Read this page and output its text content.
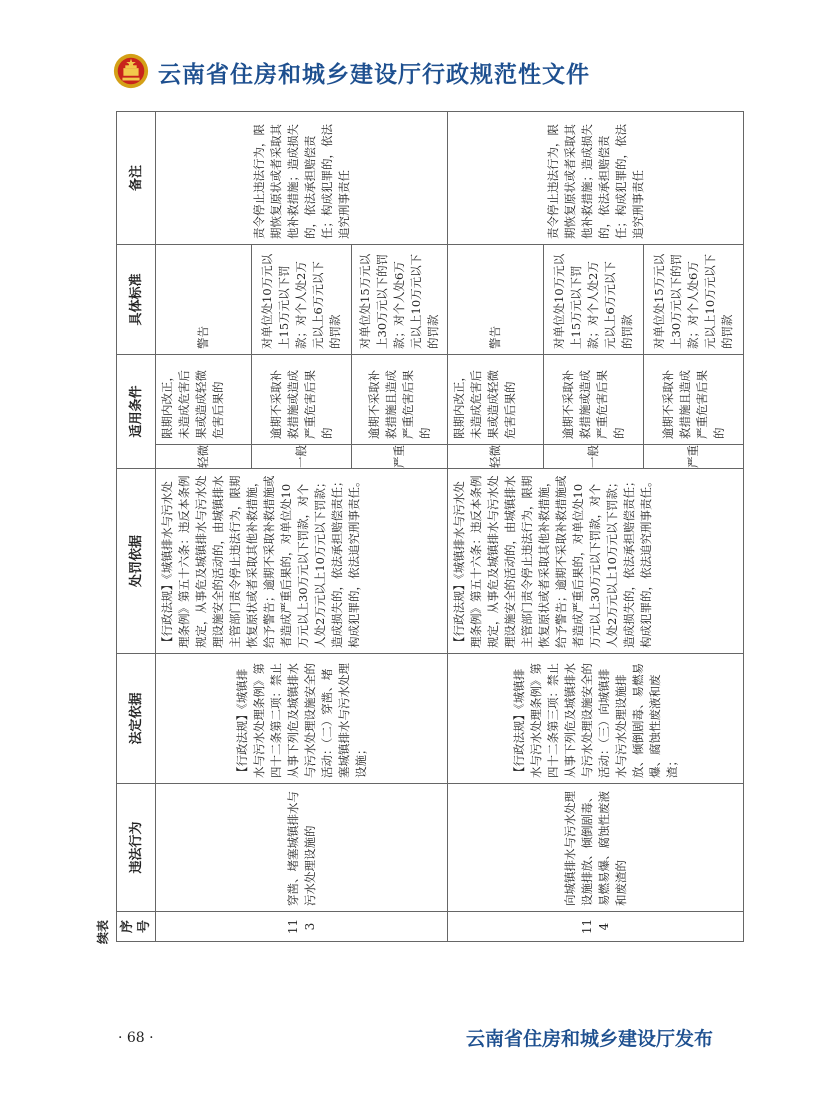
云南省住房和城乡建设厅行政规范性文件
续表 序号	违法行为	法定依据	处罚依据	适用条件		具体标准	备注
113	穿凿、堵塞城镇排水与污水处理设施的	【行政法规】《城镇排水与污水处理条例》第四十二条第二项：禁止从事下列危及城镇排水与污水处理设施安全的活动：（二）穿凿、堵塞城镇排水与污水处理设施；	【行政法规】《城镇排水与污水处理条例》第五十六条：违反本条例规定，从事危及城镇排水与污水处理设施安全的活动的，由城镇排水主管部门责令停止违法行为，限期恢复原状或者采取其他补救措施，给予警告；逾期不采取补救措施或者造成严重后果的，对单位处10万元以上30万元以下罚款，对个人处2万元以上10万元以下罚款；造成损失的，依法承担赔偿责任；构成犯罪的，依法追究刑事责任。	轻微	限期内改正，未造成危害后果或造成轻微危害后果的	警告	责令停止违法行为，限期恢复原状或者采取其他补救措施；造成损失的，依法承担赔偿责任；构成犯罪的，依法追究刑事责任
				一般	逾期不采取补救措施或造成严重危害后果的	对单位处10万元以上15万元以下罚款；对个人处2万元以上6万元以下的罚款	
				严重	逾期不采取补救措施且造成严重危害后果的	对单位处15万元以上30万元以下的罚款；对个人处6万元以上10万元以下的罚款	
114	向城镇排水与污水处理设施排放、倾倒剧毒、易燃易爆、腐蚀性废液和废渣的	【行政法规】《城镇排水与污水处理条例》第四十二条第三项：禁止从事下列危及城镇排水与污水处理设施安全的活动：（三）向城镇排水与污水处理设施排放、倾倒剧毒、易燃易爆、腐蚀性废液和废渣；	【行政法规】《城镇排水与污水处理条例》第五十六条：违反本条例规定，从事危及城镇排水与污水处理设施安全的活动的，由城镇排水主管部门责令停止违法行为，限期恢复原状或者采取其他补救措施，给予警告；逾期不采取补救措施或者造成严重后果的，对单位处10万元以上30万元以下罚款，对个人处2万元以上10万元以下罚款；造成损失的，依法承担赔偿责任；构成犯罪的，依法追究刑事责任。	轻微	限期内改正，未造成危害后果或造成轻微危害后果的	警告	责令停止违法行为，限期恢复原状或者采取其他补救措施；造成损失的，依法承担赔偿责任；构成犯罪的，依法追究刑事责任
				一般	逾期不采取补救措施或造成严重危害后果的	对单位处10万元以上15万元以下罚款；对个人处2万元以上6万元以下的罚款	
				严重	逾期不采取补救措施且造成严重危害后果的	对单位处15万元以上30万元以下的罚款；对个人处6万元以上10万元以下的罚款	
· 68 ·	云南省住房和城乡建设厅发布
